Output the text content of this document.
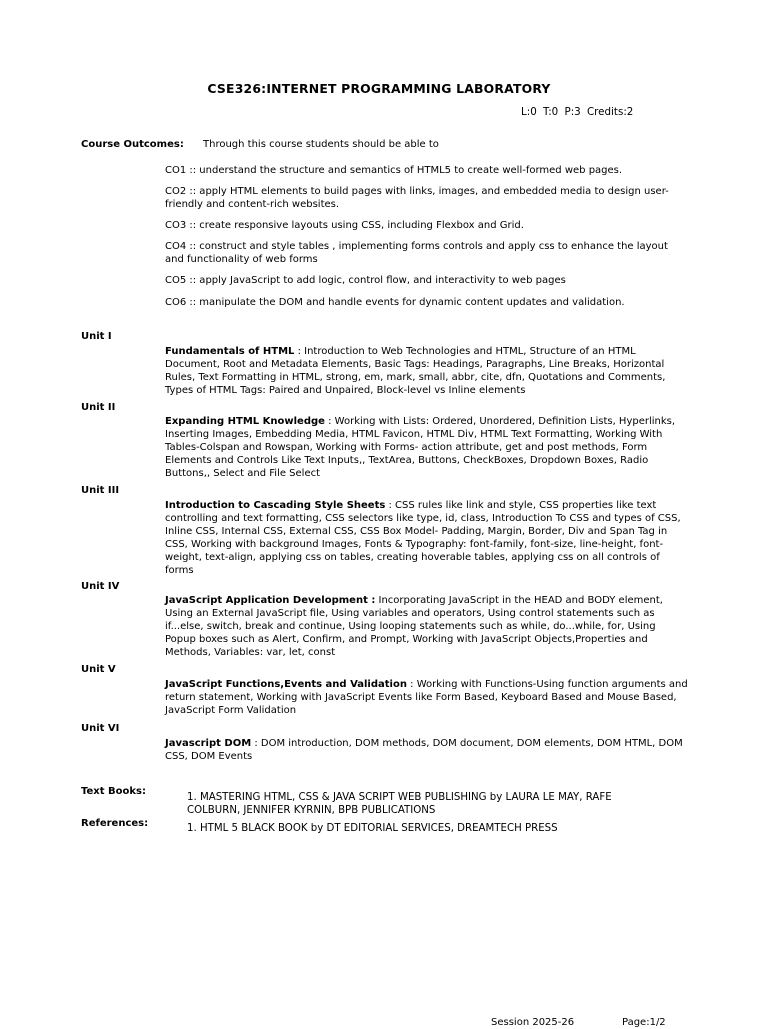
CSE326:INTERNET PROGRAMMING LABORATORY
L:0 T:0 P:3 Credits:2
Course Outcomes: Through this course students should be able to
CO1 :: understand the structure and semantics of HTML5 to create well-formed web pages.
CO2 :: apply HTML elements to build pages with links, images, and embedded media to design user-friendly and content-rich websites.
CO3 :: create responsive layouts using CSS, including Flexbox and Grid.
CO4 :: construct and style tables , implementing forms controls and apply css to enhance the layout and functionality of web forms
CO5 :: apply JavaScript to add logic, control flow, and interactivity to web pages
CO6 :: manipulate the DOM and handle events for dynamic content updates and validation.
Unit I
Fundamentals of HTML : Introduction to Web Technologies and HTML, Structure of an HTML Document, Root and Metadata Elements, Basic Tags: Headings, Paragraphs, Line Breaks, Horizontal Rules, Text Formatting in HTML, strong, em, mark, small, abbr, cite, dfn, Quotations and Comments, Types of HTML Tags: Paired and Unpaired, Block-level vs Inline elements
Unit II
Expanding HTML Knowledge : Working with Lists: Ordered, Unordered, Definition Lists, Hyperlinks, Inserting Images, Embedding Media, HTML Favicon, HTML Div, HTML Text Formatting, Working With Tables-Colspan and Rowspan, Working with Forms- action attribute, get and post methods, Form Elements and Controls Like Text Inputs,, TextArea, Buttons, CheckBoxes, Dropdown Boxes, Radio Buttons,, Select and File Select
Unit III
Introduction to Cascading Style Sheets : CSS rules like link and style, CSS properties like text controlling and text formatting, CSS selectors like type, id, class, Introduction To CSS and types of CSS, Inline CSS, Internal CSS, External CSS, CSS Box Model- Padding, Margin, Border, Div and Span Tag in CSS, Working with background Images, Fonts & Typography: font-family, font-size, line-height, font-weight, text-align, applying css on tables, creating hoverable tables, applying css on all controls of forms
Unit IV
JavaScript Application Development : Incorporating JavaScript in the HEAD and BODY element, Using an External JavaScript file, Using variables and operators, Using control statements such as if...else, switch, break and continue, Using looping statements such as while, do...while, for, Using Popup boxes such as Alert, Confirm, and Prompt, Working with JavaScript Objects,Properties and Methods, Variables: var, let, const
Unit V
JavaScript Functions,Events and Validation : Working with Functions-Using function arguments and return statement, Working with JavaScript Events like Form Based, Keyboard Based and Mouse Based, JavaScript Form Validation
Unit VI
Javascript DOM : DOM introduction, DOM methods, DOM document, DOM elements, DOM HTML, DOM CSS, DOM Events
Text Books:
1. MASTERING HTML, CSS & JAVA SCRIPT WEB PUBLISHING by LAURA LE MAY, RAFE COLBURN, JENNIFER KYRNIN, BPB PUBLICATIONS
References:	1. HTML 5 BLACK BOOK by DT EDITORIAL SERVICES, DREAMTECH PRESS
Session 2025-26	Page:1/2
